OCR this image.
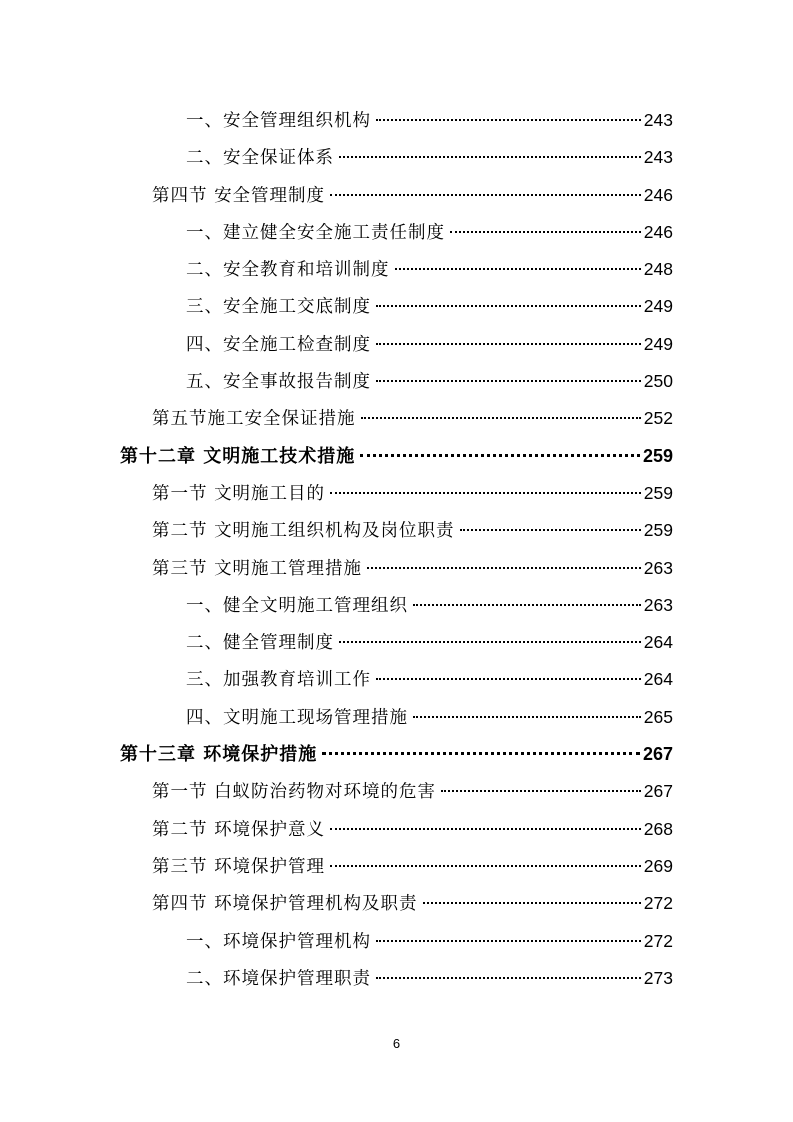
一、安全管理组织机构	243
二、安全保证体系	243
第四节 安全管理制度	246
一、建立健全安全施工责任制度	246
二、安全教育和培训制度	248
三、安全施工交底制度	249
四、安全施工检查制度	249
五、安全事故报告制度	250
第五节施工安全保证措施	252
第十二章 文明施工技术措施	259
第一节 文明施工目的	259
第二节 文明施工组织机构及岗位职责	259
第三节 文明施工管理措施	263
一、健全文明施工管理组织	263
二、健全管理制度	264
三、加强教育培训工作	264
四、文明施工现场管理措施	265
第十三章 环境保护措施	267
第一节 白蚁防治药物对环境的危害	267
第二节 环境保护意义	268
第三节 环境保护管理	269
第四节 环境保护管理机构及职责	272
一、环境保护管理机构	272
二、环境保护管理职责	273
6
